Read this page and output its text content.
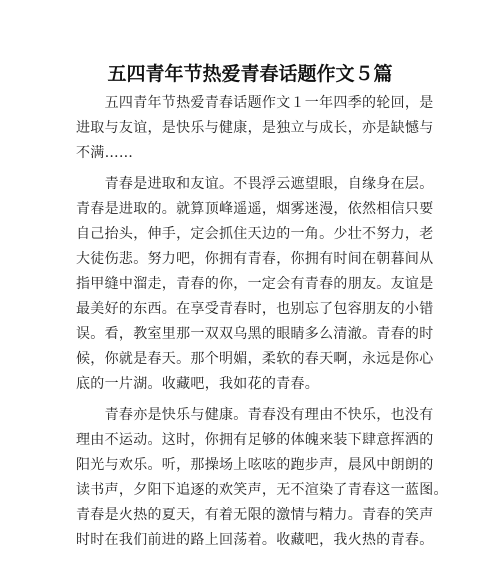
五四青年节热爱青春话题作文５篇
　　五四青年节热爱青春话题作文１一年四季的轮回，是
进取与友谊，是快乐与健康，是独立与成长，亦是缺憾与
不满……
　　青春是进取和友谊。不畏浮云遮望眼，自缘身在层。
青春是进取的。就算顶峰遥遥，烟雾迷漫，依然相信只要
自己抬头，伸手，定会抓住天边的一角。少壮不努力，老
大徒伤悲。努力吧，你拥有青春，你拥有时间在朝暮间从
指甲缝中溜走，青春的你，一定会有青春的朋友。友谊是
最美好的东西。在享受青春时，也别忘了包容朋友的小错
误。看，教室里那一双双乌黑的眼睛多么清澈。青春的时
候，你就是春天。那个明媚，柔软的春天啊，永远是你心
底的一片湖。收藏吧，我如花的青春。
　　青春亦是快乐与健康。青春没有理由不快乐，也没有
理由不运动。这时，你拥有足够的体魄来装下肆意挥洒的
阳光与欢乐。听，那操场上呟呟的跑步声，晨风中朗朗的
读书声，夕阳下追逐的欢笑声，无不渲染了青春这一蓝图。
青春是火热的夏天，有着无限的激情与精力。青春的笑声
时时在我们前进的路上回荡着。收藏吧，我火热的青春。
